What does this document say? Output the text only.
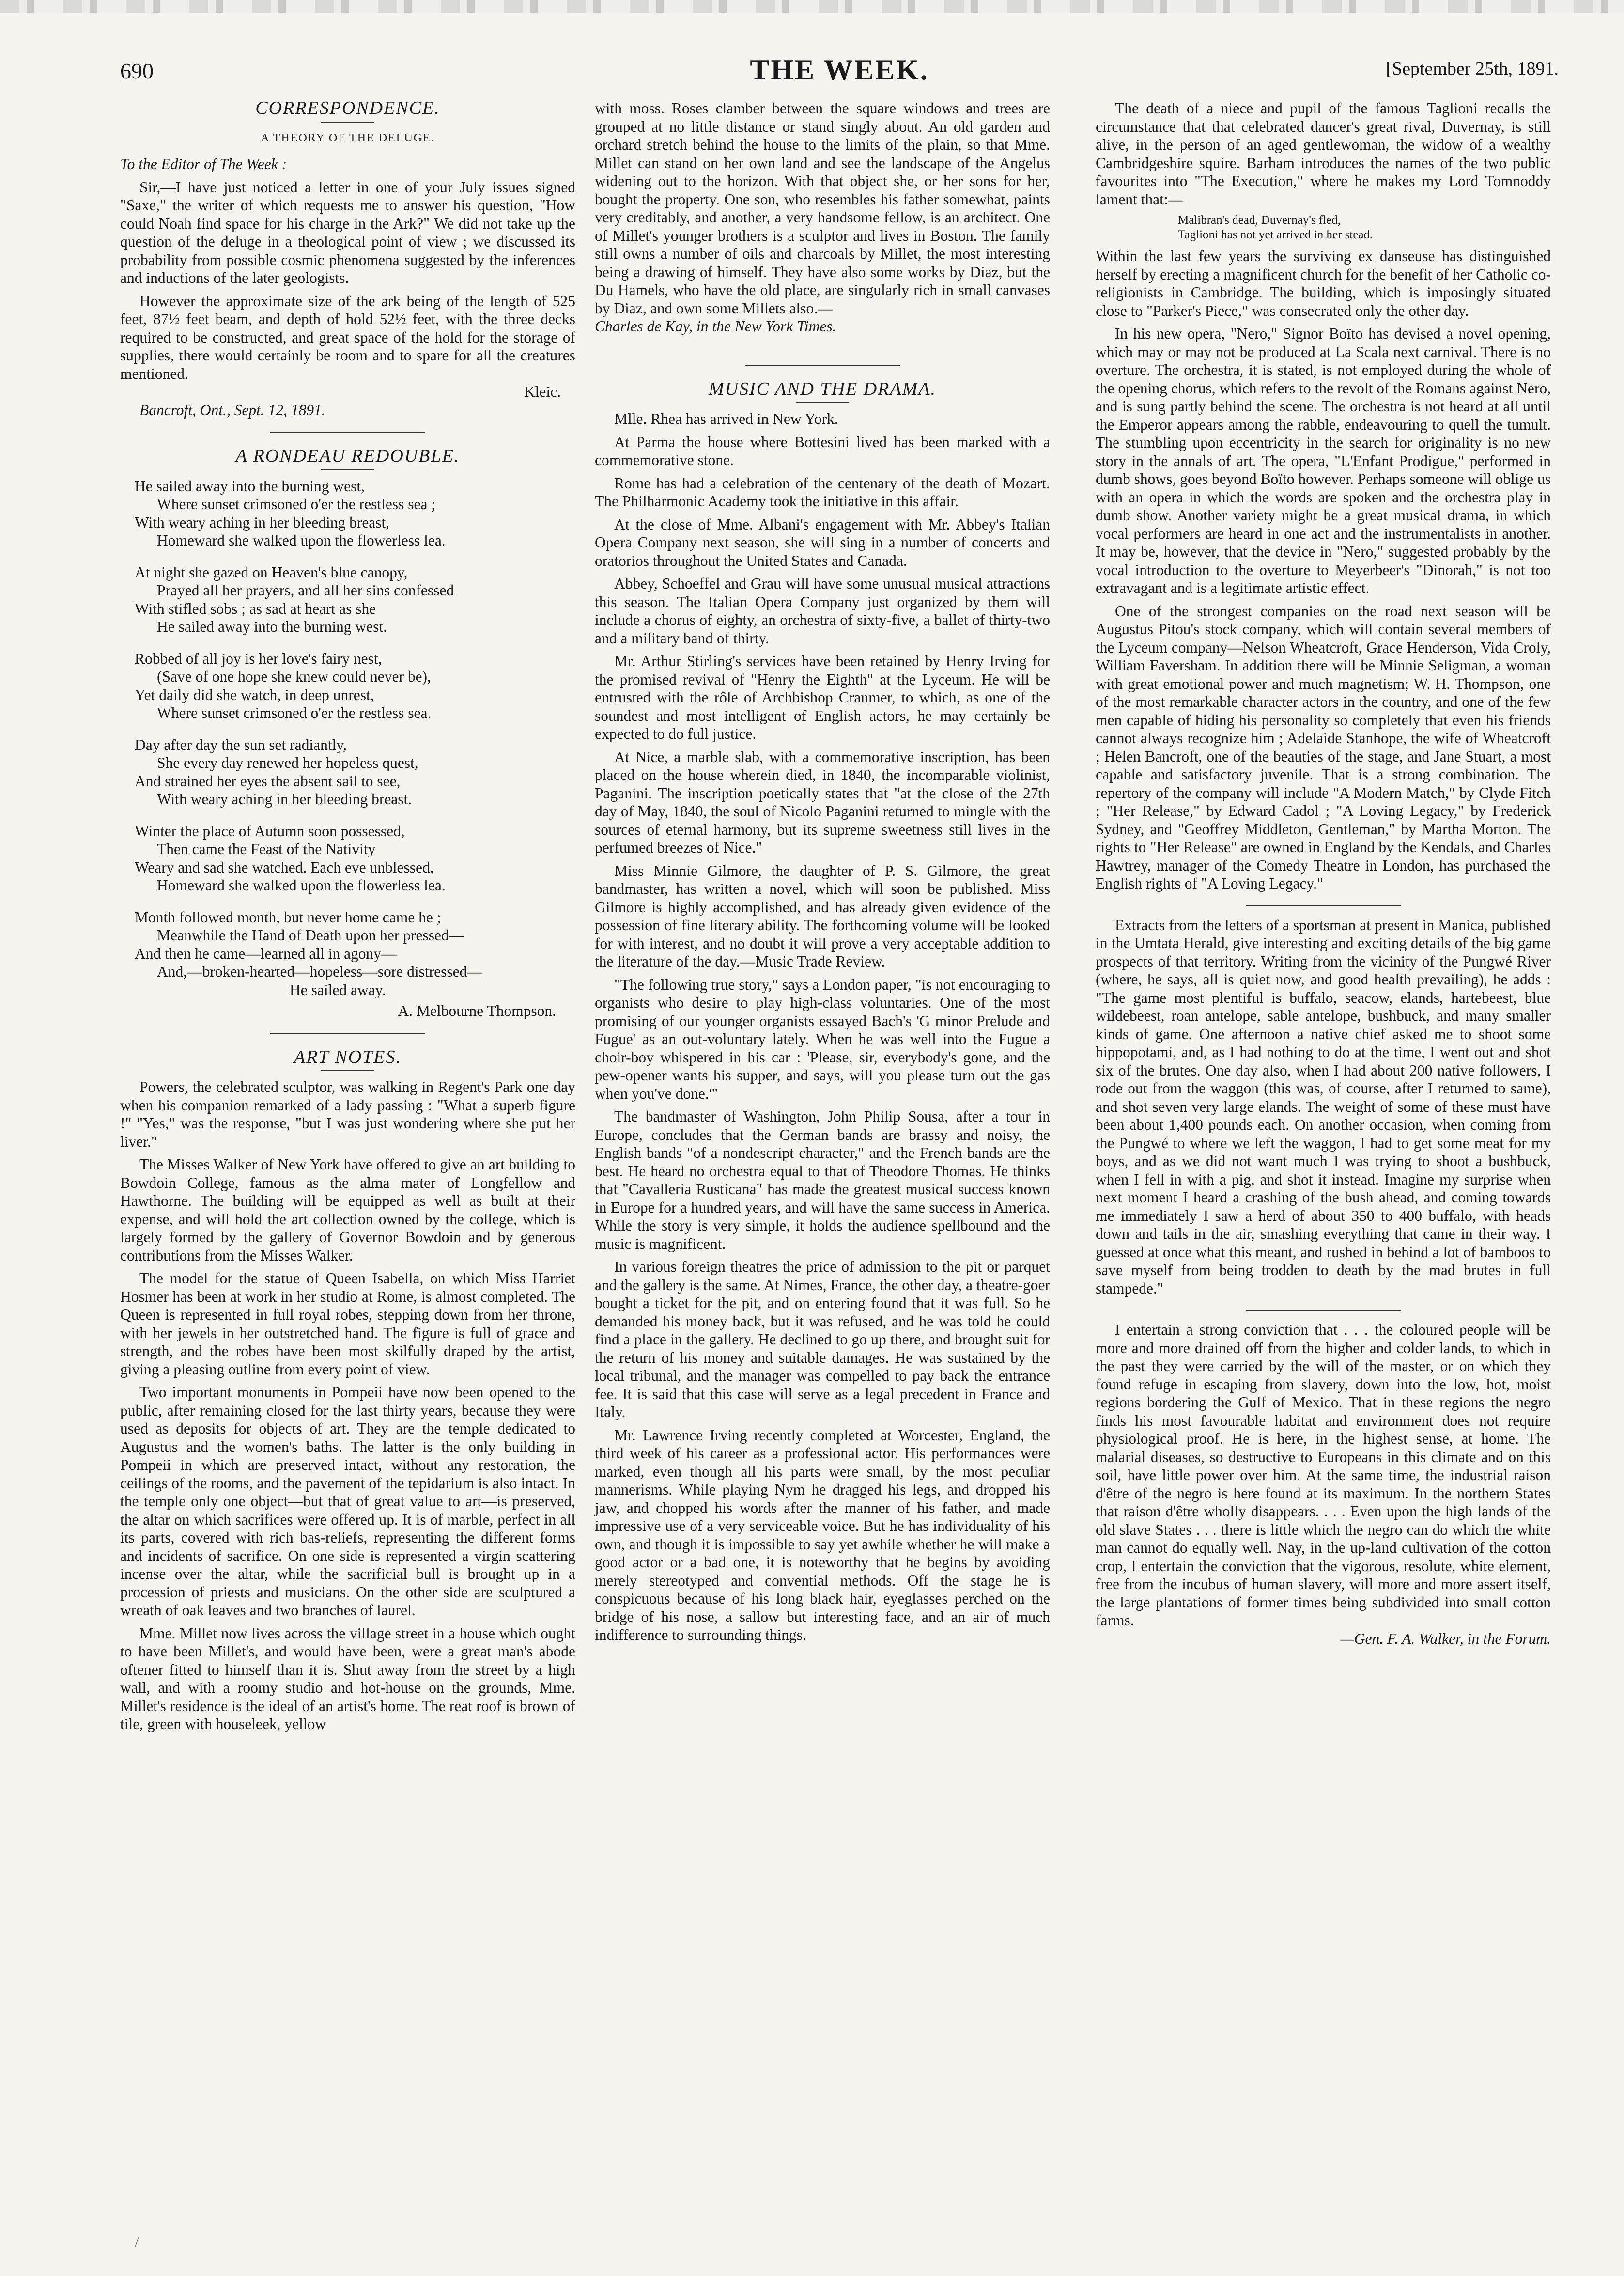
690	THE WEEK.	[September 25th, 1891.
CORRESPONDENCE.
A THEORY OF THE DELUGE.

To the Editor of The Week :

Sir,—I have just noticed a letter in one of your July issues signed "Saxe," the writer of which requests me to answer his question, "How could Noah find space for his charge in the Ark?" We did not take up the question of the deluge in a theological point of view ; we discussed its probability from possible cosmic phenomena suggested by the inferences and inductions of the later geologists.

However the approximate size of the ark being of the length of 525 feet, 87½ feet beam, and depth of hold 52½ feet, with the three decks required to be constructed, and great space of the hold for the storage of supplies, there would certainly be room and to spare for all the creatures mentioned.

Kleic.
Bancroft, Ont., Sept. 12, 1891.
A RONDEAU REDOUBLE.
He sailed away into the burning west,
Where sunset crimsoned o'er the restless sea ;
With weary aching in her bleeding breast,
Homeward she walked upon the flowerless lea.
At night she gazed on Heaven's blue canopy,
Prayed all her prayers, and all her sins confessed
With stifled sobs ; as sad at heart as she
He sailed away into the burning west.
Robbed of all joy is her love's fairy nest,
(Save of one hope she knew could never be),
Yet daily did she watch, in deep unrest,
Where sunset crimsoned o'er the restless sea.
Day after day the sun set radiantly,
She every day renewed her hopeless quest,
And strained her eyes the absent sail to see,
With weary aching in her bleeding breast.
Winter the place of Autumn soon possessed,
Then came the Feast of the Nativity
Weary and sad she watched. Each eve unblessed,
Homeward she walked upon the flowerless lea.
Month followed month, but never home came he ;
Meanwhile the Hand of Death upon her pressed—
And then he came—learned all in agony—
And,—broken-hearted—hopeless—sore distressed—
He sailed away.
A. Melbourne Thompson.
ART NOTES.

Powers, the celebrated sculptor, was walking in Regent's Park one day when his companion remarked of a lady passing : "What a superb figure !" "Yes," was the response, "but I was just wondering where she put her liver."

The Misses Walker of New York have offered to give an art building to Bowdoin College, famous as the alma mater of Longfellow and Hawthorne. The building will be equipped as well as built at their expense, and will hold the art collection owned by the college, which is largely formed by the gallery of Governor Bowdoin and by generous contributions from the Misses Walker.

The model for the statue of Queen Isabella, on which Miss Harriet Hosmer has been at work in her studio at Rome, is almost completed. The Queen is represented in full royal robes, stepping down from her throne, with her jewels in her outstretched hand. The figure is full of grace and strength, and the robes have been most skilfully draped by the artist, giving a pleasing outline from every point of view.

Two important monuments in Pompeii have now been opened to the public, after remaining closed for the last thirty years, because they were used as deposits for objects of art. They are the temple dedicated to Augustus and the women's baths. The latter is the only building in Pompeii in which are preserved intact, without any restoration, the ceilings of the rooms, and the pavement of the tepidarium is also intact. In the temple only one object—but that of great value to art—is preserved, the altar on which sacrifices were offered up. It is of marble, perfect in all its parts, covered with rich bas-reliefs, representing the different forms and incidents of sacrifice. On one side is represented a virgin scattering incense over the altar, while the sacrificial bull is brought up in a procession of priests and musicians. On the other side are sculptured a wreath of oak leaves and two branches of laurel.

Mme. Millet now lives across the village street in a house which ought to have been Millet's, and would have been, were a great man's abode oftener fitted to himself than it is. Shut away from the street by a high wall, and with a roomy studio and hot-house on the grounds, Mme. Millet's residence is the ideal of an artist's home. The reat roof is brown of tile, green with houseleek, yellow

with moss. Roses clamber between the square windows and trees are grouped at no little distance or stand singly about. An old garden and orchard stretch behind the house to the limits of the plain, so that Mme. Millet can stand on her own land and see the landscape of the Angelus widening out to the horizon. With that object she, or her sons for her, bought the property. One son, who resembles his father somewhat, paints very creditably, and another, a very handsome fellow, is an architect. One of Millet's younger brothers is a sculptor and lives in Boston. The family still owns a number of oils and charcoals by Millet, the most interesting being a drawing of himself. They have also some works by Diaz, but the Du Hamels, who have the old place, are singularly rich in small canvases by Diaz, and own some Millets also.—

Charles de Kay, in the New York Times.

MUSIC AND THE DRAMA.

Mlle. Rhea has arrived in New York.

At Parma the house where Bottesini lived has been marked with a commemorative stone.

Rome has had a celebration of the centenary of the death of Mozart. The Philharmonic Academy took the initiative in this affair.

At the close of Mme. Albani's engagement with Mr. Abbey's Italian Opera Company next season, she will sing in a number of concerts and oratorios throughout the United States and Canada.

Abbey, Schoeffel and Grau will have some unusual musical attractions this season. The Italian Opera Company just organized by them will include a chorus of eighty, an orchestra of sixty-five, a ballet of thirty-two and a military band of thirty.

Mr. Arthur Stirling's services have been retained by Henry Irving for the promised revival of "Henry the Eighth" at the Lyceum. He will be entrusted with the rôle of Archbishop Cranmer, to which, as one of the soundest and most intelligent of English actors, he may certainly be expected to do full justice.

At Nice, a marble slab, with a commemorative inscription, has been placed on the house wherein died, in 1840, the incomparable violinist, Paganini. The inscription poetically states that "at the close of the 27th day of May, 1840, the soul of Nicolo Paganini returned to mingle with the sources of eternal harmony, but its supreme sweetness still lives in the perfumed breezes of Nice."

Miss Minnie Gilmore, the daughter of P. S. Gilmore, the great bandmaster, has written a novel, which will soon be published. Miss Gilmore is highly accomplished, and has already given evidence of the possession of fine literary ability. The forthcoming volume will be looked for with interest, and no doubt it will prove a very acceptable addition to the literature of the day.—Music Trade Review.

"The following true story," says a London paper, "is not encouraging to organists who desire to play high-class voluntaries. One of the most promising of our younger organists essayed Bach's 'G minor Prelude and Fugue' as an out-voluntary lately. When he was well into the Fugue a choir-boy whispered in his car : 'Please, sir, everybody's gone, and the pew-opener wants his supper, and says, will you please turn out the gas when you've done.'"

The bandmaster of Washington, John Philip Sousa, after a tour in Europe, concludes that the German bands are brassy and noisy, the English bands "of a nondescript character," and the French bands are the best. He heard no orchestra equal to that of Theodore Thomas. He thinks that "Cavalleria Rusticana" has made the greatest musical success known in Europe for a hundred years, and will have the same success in America. While the story is very simple, it holds the audience spellbound and the music is magnificent.

In various foreign theatres the price of admission to the pit or parquet and the gallery is the same. At Nimes, France, the other day, a theatre-goer bought a ticket for the pit, and on entering found that it was full. So he demanded his money back, but it was refused, and he was told he could find a place in the gallery. He declined to go up there, and brought suit for the return of his money and suitable damages. He was sustained by the local tribunal, and the manager was compelled to pay back the entrance fee. It is said that this case will serve as a legal precedent in France and Italy.

Mr. Lawrence Irving recently completed at Worcester, England, the third week of his career as a professional actor. His performances were marked, even though all his parts were small, by the most peculiar mannerisms. While playing Nym he dragged his legs, and dropped his jaw, and chopped his words after the manner of his father, and made impressive use of a very serviceable voice. But he has individuality of his own, and though it is impossible to say yet awhile whether he will make a good actor or a bad one, it is noteworthy that he begins by avoiding merely stereotyped and convential methods. Off the stage he is conspicuous because of his long black hair, eyeglasses perched on the bridge of his nose, a sallow but interesting face, and an air of much indifference to surrounding things.

The death of a niece and pupil of the famous Taglioni recalls the circumstance that that celebrated dancer's great rival, Duvernay, is still alive, in the person of an aged gentlewoman, the widow of a wealthy Cambridgeshire squire. Barham introduces the names of the two public favourites into "The Execution," where he makes my Lord Tomnoddy lament that:—

Malibran's dead, Duvernay's fled,
Taglioni has not yet arrived in her stead.

Within the last few years the surviving ex danseuse has distinguished herself by erecting a magnificent church for the benefit of her Catholic co-religionists in Cambridge. The building, which is imposingly situated close to "Parker's Piece," was consecrated only the other day.

In his new opera, "Nero," Signor Boïto has devised a novel opening, which may or may not be produced at La Scala next carnival. There is no overture. The orchestra, it is stated, is not employed during the whole of the opening chorus, which refers to the revolt of the Romans against Nero, and is sung partly behind the scene. The orchestra is not heard at all until the Emperor appears among the rabble, endeavouring to quell the tumult. The stumbling upon eccentricity in the search for originality is no new story in the annals of art. The opera, "L'Enfant Prodigue," performed in dumb shows, goes beyond Boïto however. Perhaps someone will oblige us with an opera in which the words are spoken and the orchestra play in dumb show. Another variety might be a great musical drama, in which vocal performers are heard in one act and the instrumentalists in another. It may be, however, that the device in "Nero," suggested probably by the vocal introduction to the overture to Meyerbeer's "Dinorah," is not too extravagant and is a legitimate artistic effect.

One of the strongest companies on the road next season will be Augustus Pitou's stock company, which will contain several members of the Lyceum company—Nelson Wheatcroft, Grace Henderson, Vida Croly, William Faversham. In addition there will be Minnie Seligman, a woman with great emotional power and much magnetism; W. H. Thompson, one of the most remarkable character actors in the country, and one of the few men capable of hiding his personality so completely that even his friends cannot always recognize him ; Adelaide Stanhope, the wife of Wheatcroft ; Helen Bancroft, one of the beauties of the stage, and Jane Stuart, a most capable and satisfactory juvenile. That is a strong combination. The repertory of the company will include "A Modern Match," by Clyde Fitch ; "Her Release," by Edward Cadol ; "A Loving Legacy," by Frederick Sydney, and "Geoffrey Middleton, Gentleman," by Martha Morton. The rights to "Her Release" are owned in England by the Kendals, and Charles Hawtrey, manager of the Comedy Theatre in London, has purchased the English rights of "A Loving Legacy."

Extracts from the letters of a sportsman at present in Manica, published in the Umtata Herald, give interesting and exciting details of the big game prospects of that territory. Writing from the vicinity of the Pungwé River (where, he says, all is quiet now, and good health prevailing), he adds : "The game most plentiful is buffalo, seacow, elands, hartebeest, blue wildebeest, roan antelope, sable antelope, bushbuck, and many smaller kinds of game. One afternoon a native chief asked me to shoot some hippopotami, and, as I had nothing to do at the time, I went out and shot six of the brutes. One day also, when I had about 200 native followers, I rode out from the waggon (this was, of course, after I returned to same), and shot seven very large elands. The weight of some of these must have been about 1,400 pounds each. On another occasion, when coming from the Pungwé to where we left the waggon, I had to get some meat for my boys, and as we did not want much I was trying to shoot a bushbuck, when I fell in with a pig, and shot it instead. Imagine my surprise when next moment I heard a crashing of the bush ahead, and coming towards me immediately I saw a herd of about 350 to 400 buffalo, with heads down and tails in the air, smashing everything that came in their way. I guessed at once what this meant, and rushed in behind a lot of bamboos to save myself from being trodden to death by the mad brutes in full stampede."

I entertain a strong conviction that . . . the coloured people will be more and more drained off from the higher and colder lands, to which in the past they were carried by the will of the master, or on which they found refuge in escaping from slavery, down into the low, hot, moist regions bordering the Gulf of Mexico. That in these regions the negro finds his most favourable habitat and environment does not require physiological proof. He is here, in the highest sense, at home. The malarial diseases, so destructive to Europeans in this climate and on this soil, have little power over him. At the same time, the industrial raison d'être of the negro is here found at its maximum. In the northern States that raison d'être wholly disappears. . . . Even upon the high lands of the old slave States . . . there is little which the negro can do which the white man cannot do equally well. Nay, in the up-land cultivation of the cotton crop, I entertain the conviction that the vigorous, resolute, white element, free from the incubus of human slavery, will more and more assert itself, the large plantations of former times being subdivided into small cotton farms.

—Gen. F. A. Walker, in the Forum.
/
